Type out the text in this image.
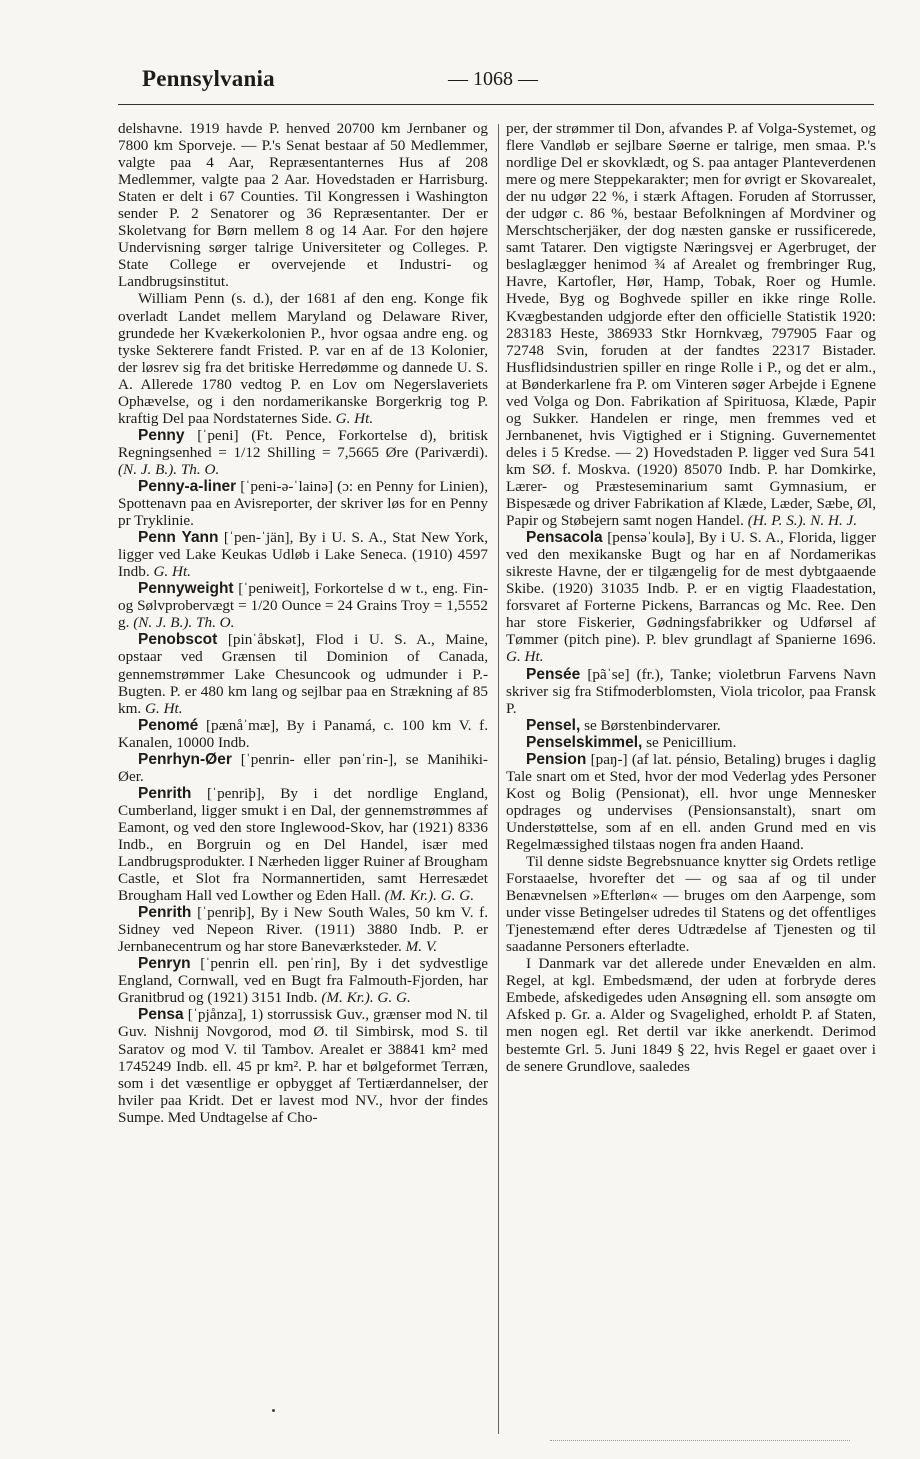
Pennsylvania	— 1068 —

delshavne. 1919 havde P. henved 20700 km Jernbaner og 7800 km Sporveje. — P.'s Senat bestaar af 50 Medlemmer, valgte paa 4 Aar, Repræsentanternes Hus af 208 Medlemmer, valgte paa 2 Aar. Hovedstaden er Harrisburg. Staten er delt i 67 Counties. Til Kongressen i Washington sender P. 2 Senatorer og 36 Repræsentanter. Der er Skoletvang for Børn mellem 8 og 14 Aar. For den højere Undervisning sørger talrige Universiteter og Colleges. P. State College er overvejende et Industri- og Landbrugsinstitut.

William Penn (s. d.), der 1681 af den eng. Konge fik overladt Landet mellem Maryland og Delaware River, grundede her Kvækerkolonien P., hvor ogsaa andre eng. og tyske Sekterere fandt Fristed. P. var en af de 13 Kolonier, der løsrev sig fra det britiske Herredømme og dannede U. S. A. Allerede 1780 vedtog P. en Lov om Negerslaveriets Ophævelse, og i den nordamerikanske Borgerkrig tog P. kraftig Del paa Nordstaternes Side. G. Ht.

Penny [ˈpeni] (Ft. Pence, Forkortelse d), britisk Regningsenhed = 1/12 Shilling = 7,5665 Øre (Pariværdi). (N. J. B.). Th. O.

Penny-a-liner [ˈpeni-ə-ˈlainə] (ɔ: en Penny for Linien), Spottenavn paa en Avisreporter, der skriver løs for en Penny pr Tryklinie.

Penn Yann [ˈpen-ˈjän], By i U. S. A., Stat New York, ligger ved Lake Keukas Udløb i Lake Seneca. (1910) 4597 Indb. G. Ht.

Pennyweight [ˈpeniweit], Forkortelse d w t., eng. Fin- og Sølvprobervægt = 1/20 Ounce = 24 Grains Troy = 1,5552 g. (N. J. B.). Th. O.

Penobscot [pinˈåbskət], Flod i U. S. A., Maine, opstaar ved Grænsen til Dominion of Canada, gennemstrømmer Lake Chesuncook og udmunder i P.-Bugten. P. er 480 km lang og sejlbar paa en Strækning af 85 km. G. Ht.

Penomé [pænåˈmæ], By i Panamá, c. 100 km V. f. Kanalen, 10000 Indb.

Penrhyn-Øer [ˈpenrin- eller pənˈrin-], se Manihiki-Øer.

Penrith [ˈpenriþ], By i det nordlige England, Cumberland, ligger smukt i en Dal, der gennemstrømmes af Eamont, og ved den store Inglewood-Skov, har (1921) 8336 Indb., en Borgruin og en Del Handel, især med Landbrugsprodukter. I Nærheden ligger Ruiner af Brougham Castle, et Slot fra Normannertiden, samt Herresædet Brougham Hall ved Lowther og Eden Hall. (M. Kr.). G. G.

Penrith [ˈpenriþ], By i New South Wales, 50 km V. f. Sidney ved Nepeon River. (1911) 3880 Indb. P. er Jernbanecentrum og har store Baneværksteder. M. V.

Penryn [ˈpenrin ell. penˈrin], By i det sydvestlige England, Cornwall, ved en Bugt fra Falmouth-Fjorden, har Granitbrud og (1921) 3151 Indb. (M. Kr.). G. G.

Pensa [ˈpjånza], 1) storrussisk Guv., grænser mod N. til Guv. Nishnij Novgorod, mod Ø. til Simbirsk, mod S. til Saratov og mod V. til Tambov. Arealet er 38841 km² med 1745249 Indb. ell. 45 pr km². P. har et bølgeformet Terræn, som i det væsentlige er opbygget af Tertiærdannelser, der hviler paa Kridt. Det er lavest mod NV., hvor der findes Sumpe. Med Undtagelse af Cho-

per, der strømmer til Don, afvandes P. af Volga-Systemet, og flere Vandløb er sejlbare Søerne er talrige, men smaa. P.'s nordlige Del er skovklædt, og S. paa antager Planteverdenen mere og mere Steppekarakter; men for øvrigt er Skovarealet, der nu udgør 22 %, i stærk Aftagen. Foruden af Storrusser, der udgør c. 86 %, bestaar Befolkningen af Mordviner og Merschtscherjäker, der dog næsten ganske er russificerede, samt Tatarer. Den vigtigste Næringsvej er Agerbruget, der beslaglægger henimod ¾ af Arealet og frembringer Rug, Havre, Kartofler, Hør, Hamp, Tobak, Roer og Humle. Hvede, Byg og Boghvede spiller en ikke ringe Rolle. Kvægbestanden udgjorde efter den officielle Statistik 1920: 283183 Heste, 386933 Stkr Hornkvæg, 797905 Faar og 72748 Svin, foruden at der fandtes 22317 Bistader. Husflidsindustrien spiller en ringe Rolle i P., og det er alm., at Bønderkarlene fra P. om Vinteren søger Arbejde i Egnene ved Volga og Don. Fabrikation af Spirituosa, Klæde, Papir og Sukker. Handelen er ringe, men fremmes ved et Jernbanenet, hvis Vigtighed er i Stigning. Guvernementet deles i 5 Kredse. — 2) Hovedstaden P. ligger ved Sura 541 km SØ. f. Moskva. (1920) 85070 Indb. P. har Domkirke, Lærer- og Præsteseminarium samt Gymnasium, er Bispesæde og driver Fabrikation af Klæde, Læder, Sæbe, Øl, Papir og Støbejern samt nogen Handel. (H. P. S.). N. H. J.

Pensacola [pensəˈkoulə], By i U. S. A., Florida, ligger ved den mexikanske Bugt og har en af Nordamerikas sikreste Havne, der er tilgængelig for de mest dybtgaaende Skibe. (1920) 31035 Indb. P. er en vigtig Flaadestation, forsvaret af Forterne Pickens, Barrancas og Mc. Ree. Den har store Fiskerier, Gødningsfabrikker og Udførsel af Tømmer (pitch pine). P. blev grundlagt af Spanierne 1696. G. Ht.

Pensée [pãˈse] (fr.), Tanke; violetbrun Farvens Navn skriver sig fra Stifmoderblomsten, Viola tricolor, paa Fransk P.

Pensel, se Børstenbindervarer.

Penselskimmel, se Penicillium.

Pension [paŋ-] (af lat. pénsio, Betaling) bruges i daglig Tale snart om et Sted, hvor der mod Vederlag ydes Personer Kost og Bolig (Pensionat), ell. hvor unge Mennesker opdrages og undervises (Pensionsanstalt), snart om Understøttelse, som af en ell. anden Grund med en vis Regelmæssighed tilstaas nogen fra anden Haand.

Til denne sidste Begrebsnuance knytter sig Ordets retlige Forstaaelse, hvorefter det — og saa af og til under Benævnelsen »Efterløn« — bruges om den Aarpenge, som under visse Betingelser udredes til Statens og det offentliges Tjenestemænd efter deres Udtrædelse af Tjenesten og til saadanne Personers efterladte.

I Danmark var det allerede under Enevælden en alm. Regel, at kgl. Embedsmænd, der uden at forbryde deres Embede, afskedigedes uden Ansøgning ell. som ansøgte om Afsked p. Gr. a. Alder og Svagelighed, erholdt P. af Staten, men nogen egl. Ret dertil var ikke anerkendt. Derimod bestemte Grl. 5. Juni 1849 § 22, hvis Regel er gaaet over i de senere Grundlove, saaledes
